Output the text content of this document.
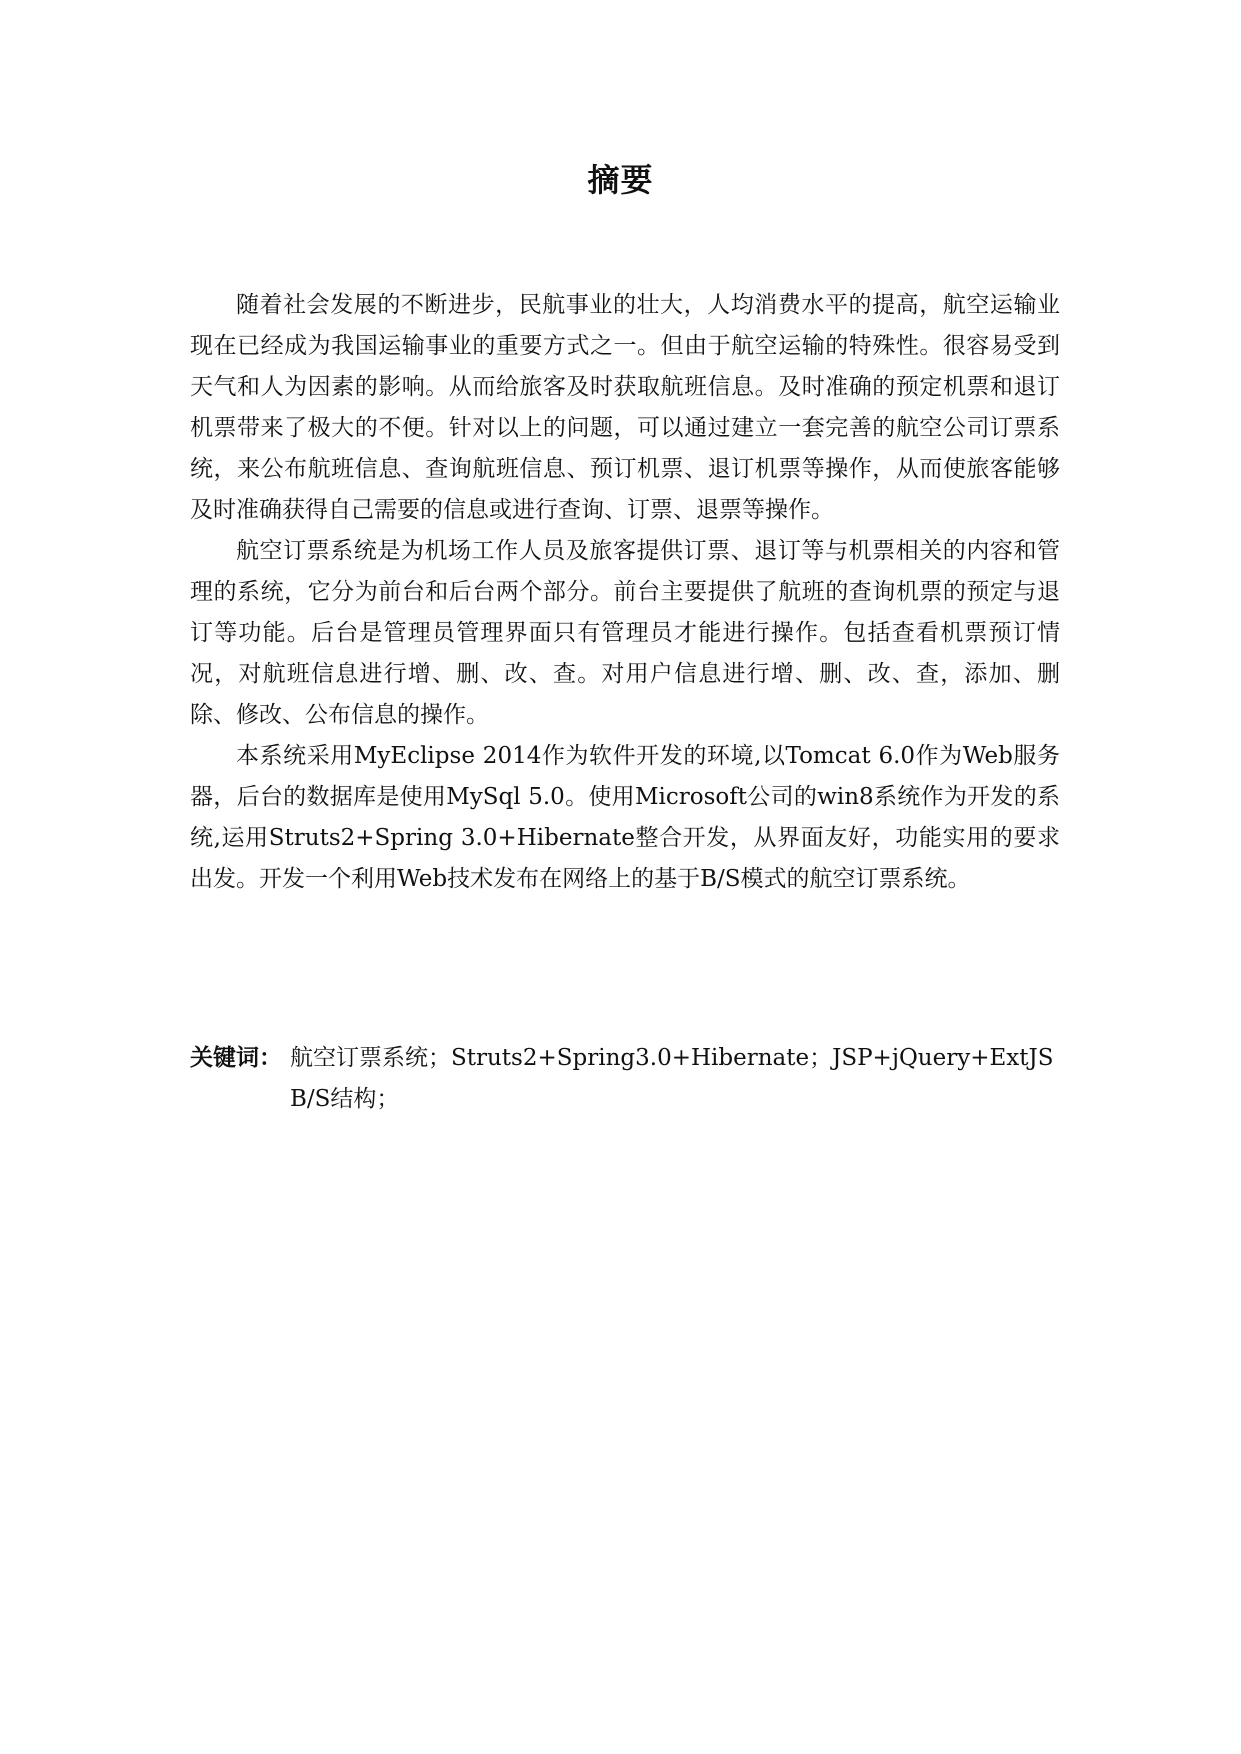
摘要

随着社会发展的不断进步，民航事业的壮大，人均消费水平的提高，航空运输业现在已经成为我国运输事业的重要方式之一。但由于航空运输的特殊性。很容易受到天气和人为因素的影响。从而给旅客及时获取航班信息。及时准确的预定机票和退订机票带来了极大的不便。针对以上的问题，可以通过建立一套完善的航空公司订票系统，来公布航班信息、查询航班信息、预订机票、退订机票等操作，从而使旅客能够及时准确获得自己需要的信息或进行查询、订票、退票等操作。

航空订票系统是为机场工作人员及旅客提供订票、退订等与机票相关的内容和管理的系统，它分为前台和后台两个部分。前台主要提供了航班的查询机票的预定与退订等功能。后台是管理员管理界面只有管理员才能进行操作。包括查看机票预订情况，对航班信息进行增、删、改、查。对用户信息进行增、删、改、查，添加、删除、修改、公布信息的操作。

本系统采用MyEclipse 2014作为软件开发的环境,以Tomcat 6.0作为Web服务器，后台的数据库是使用MySql 5.0。使用Microsoft公司的win8系统作为开发的系统,运用Struts2+Spring 3.0+Hibernate整合开发，从界面友好，功能实用的要求出发。开发一个利用Web技术发布在网络上的基于B/S模式的航空订票系统。

关键词： 航空订票系统；Struts2+Spring3.0+Hibernate；JSP+jQuery+ExtJS
B/S结构；
